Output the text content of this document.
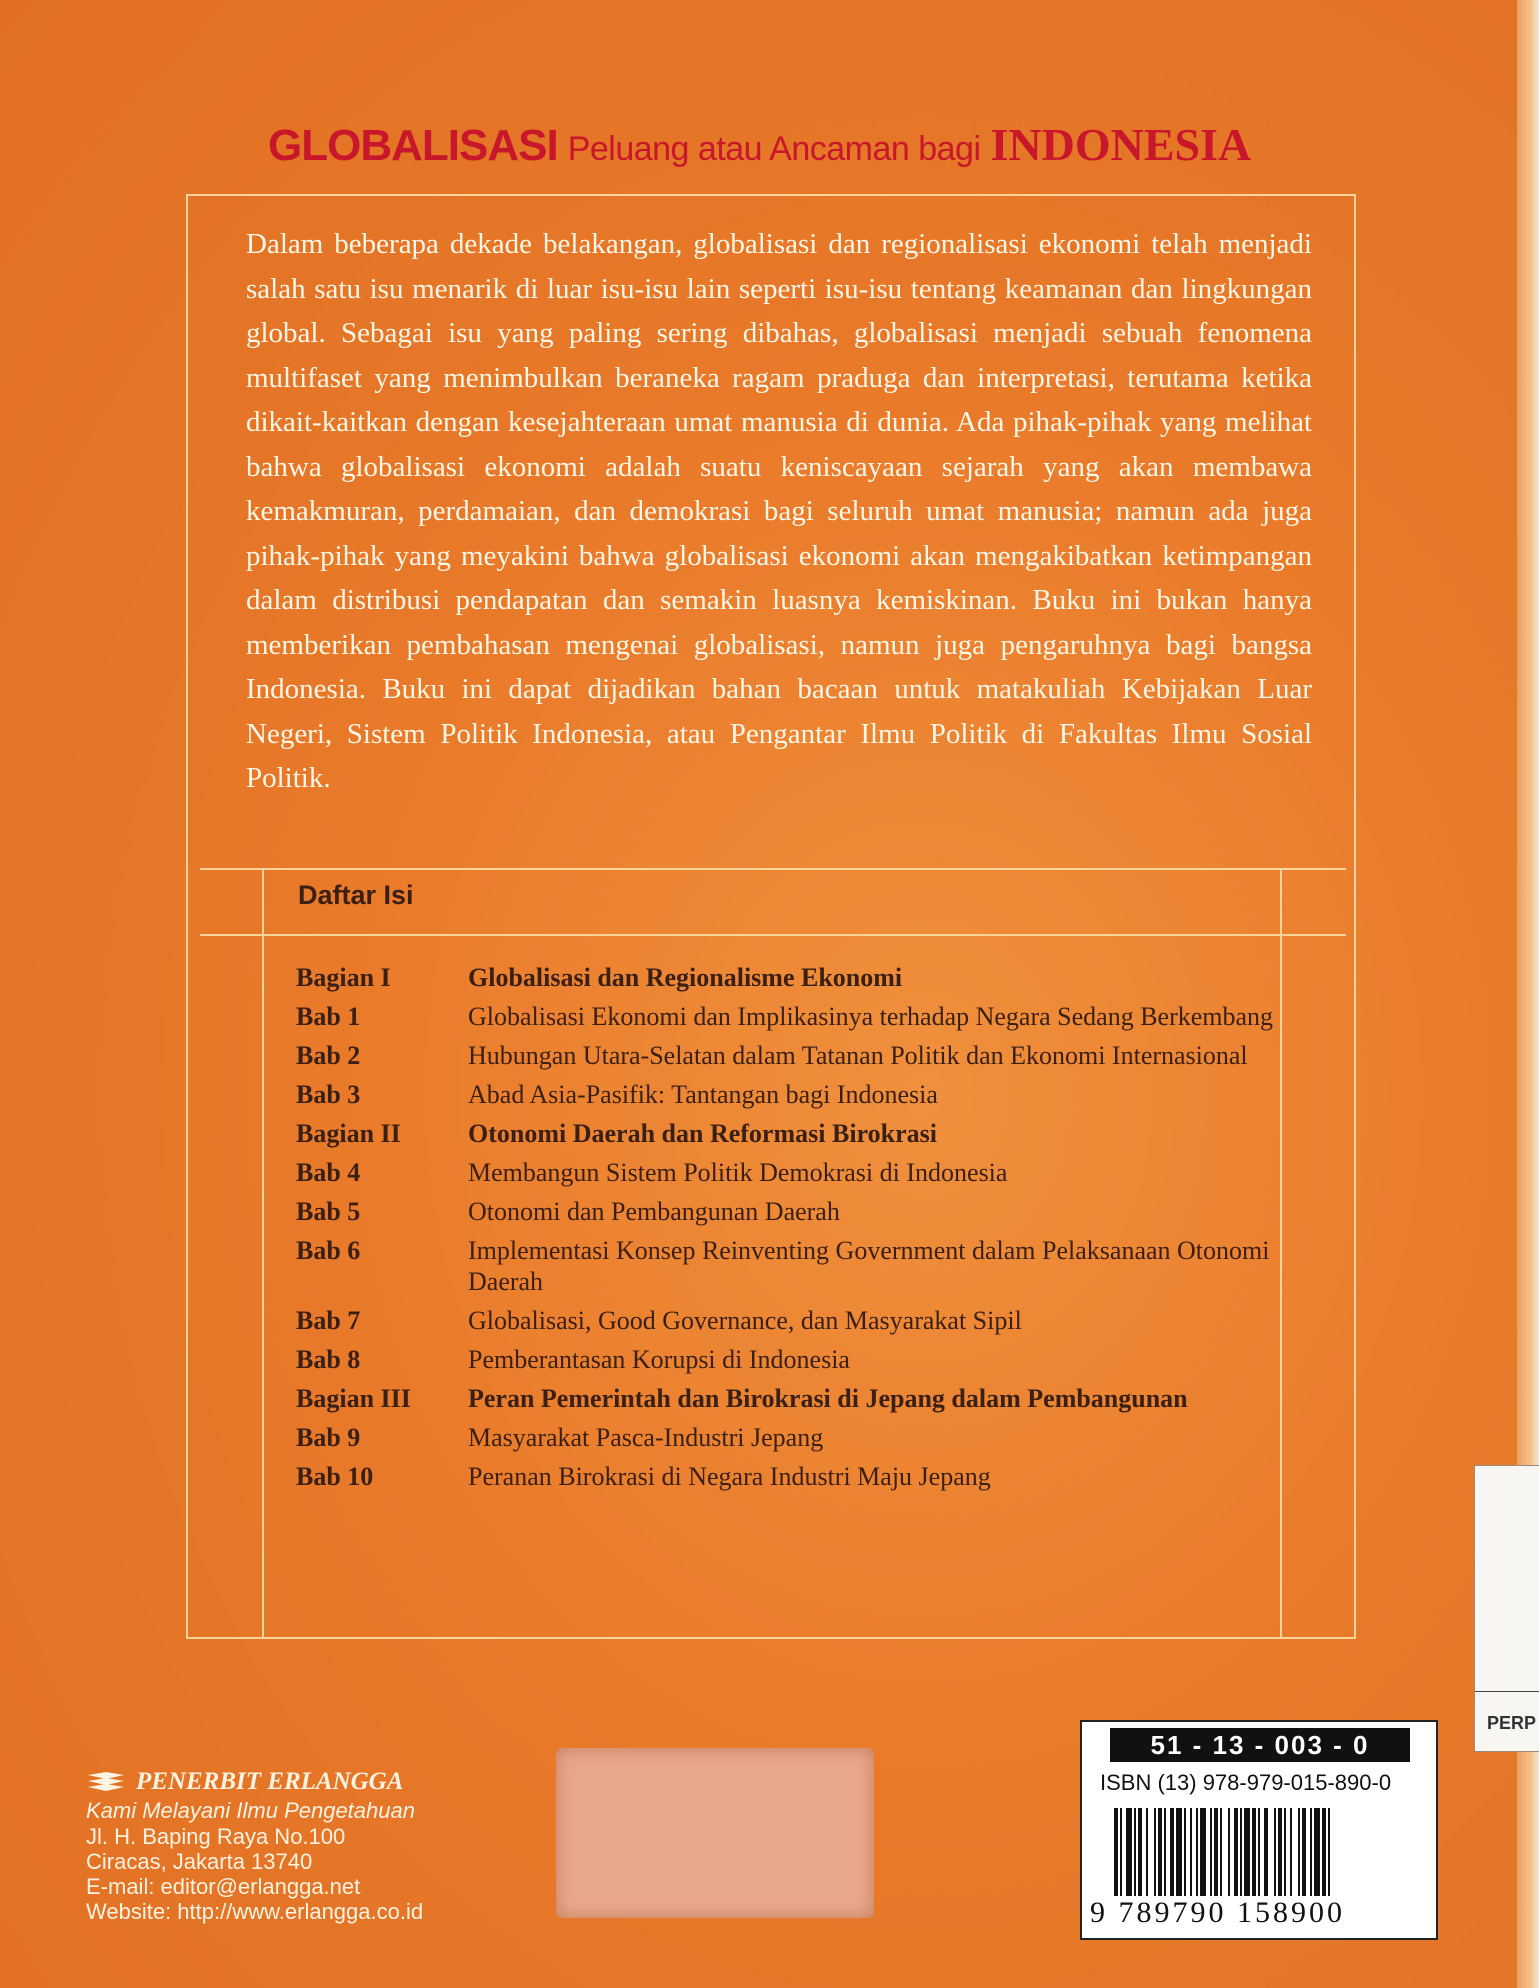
PERP
GLOBALISASI Peluang atau Ancaman bagi INDONESIA
Dalam beberapa dekade belakangan, globalisasi dan regionalisasi ekonomi telah menjadi salah satu isu menarik di luar isu-isu lain seperti isu-isu tentang keamanan dan lingkungan global. Sebagai isu yang paling sering dibahas, globalisasi menjadi sebuah fenomena multifaset yang menimbulkan beraneka ragam praduga dan interpretasi, terutama ketika dikait-kaitkan dengan kesejahteraan umat manusia di dunia. Ada pihak-pihak yang melihat bahwa globalisasi ekonomi adalah suatu keniscayaan sejarah yang akan membawa kemakmuran, perdamaian, dan demokrasi bagi seluruh umat manusia; namun ada juga pihak-pihak yang meyakini bahwa globalisasi ekonomi akan mengakibatkan ketimpangan dalam distribusi pendapatan dan semakin luasnya kemiskinan. Buku ini bukan hanya memberikan pembahasan mengenai globalisasi, namun juga pengaruhnya bagi bangsa Indonesia. Buku ini dapat dijadikan bahan bacaan untuk matakuliah Kebijakan Luar Negeri, Sistem Politik Indonesia, atau Pengantar Ilmu Politik di Fakultas Ilmu Sosial Politik.
Daftar Isi
Bagian I	Globalisasi dan Regionalisme Ekonomi
Bab 1	Globalisasi Ekonomi dan Implikasinya terhadap Negara Sedang Berkembang
Bab 2	Hubungan Utara-Selatan dalam Tatanan Politik dan Ekonomi Internasional
Bab 3	Abad Asia-Pasifik: Tantangan bagi Indonesia
Bagian II	Otonomi Daerah dan Reformasi Birokrasi
Bab 4	Membangun Sistem Politik Demokrasi di Indonesia
Bab 5	Otonomi dan Pembangunan Daerah
Bab 6	Implementasi Konsep Reinventing Government dalam Pelaksanaan Otonomi Daerah
Bab 7	Globalisasi, Good Governance, dan Masyarakat Sipil
Bab 8	Pemberantasan Korupsi di Indonesia
Bagian III	Peran Pemerintah dan Birokrasi di Jepang dalam Pembangunan
Bab 9	Masyarakat Pasca-Industri Jepang
Bab 10	Peranan Birokrasi di Negara Industri Maju Jepang
PENERBIT ERLANGGA
Kami Melayani Ilmu Pengetahuan
Jl. H. Baping Raya No.100
Ciracas, Jakarta 13740
E-mail: editor@erlangga.net
Website: http://www.erlangga.co.id
51 - 13 - 003 - 0
ISBN (13) 978-979-015-890-0
9 789790 158900
